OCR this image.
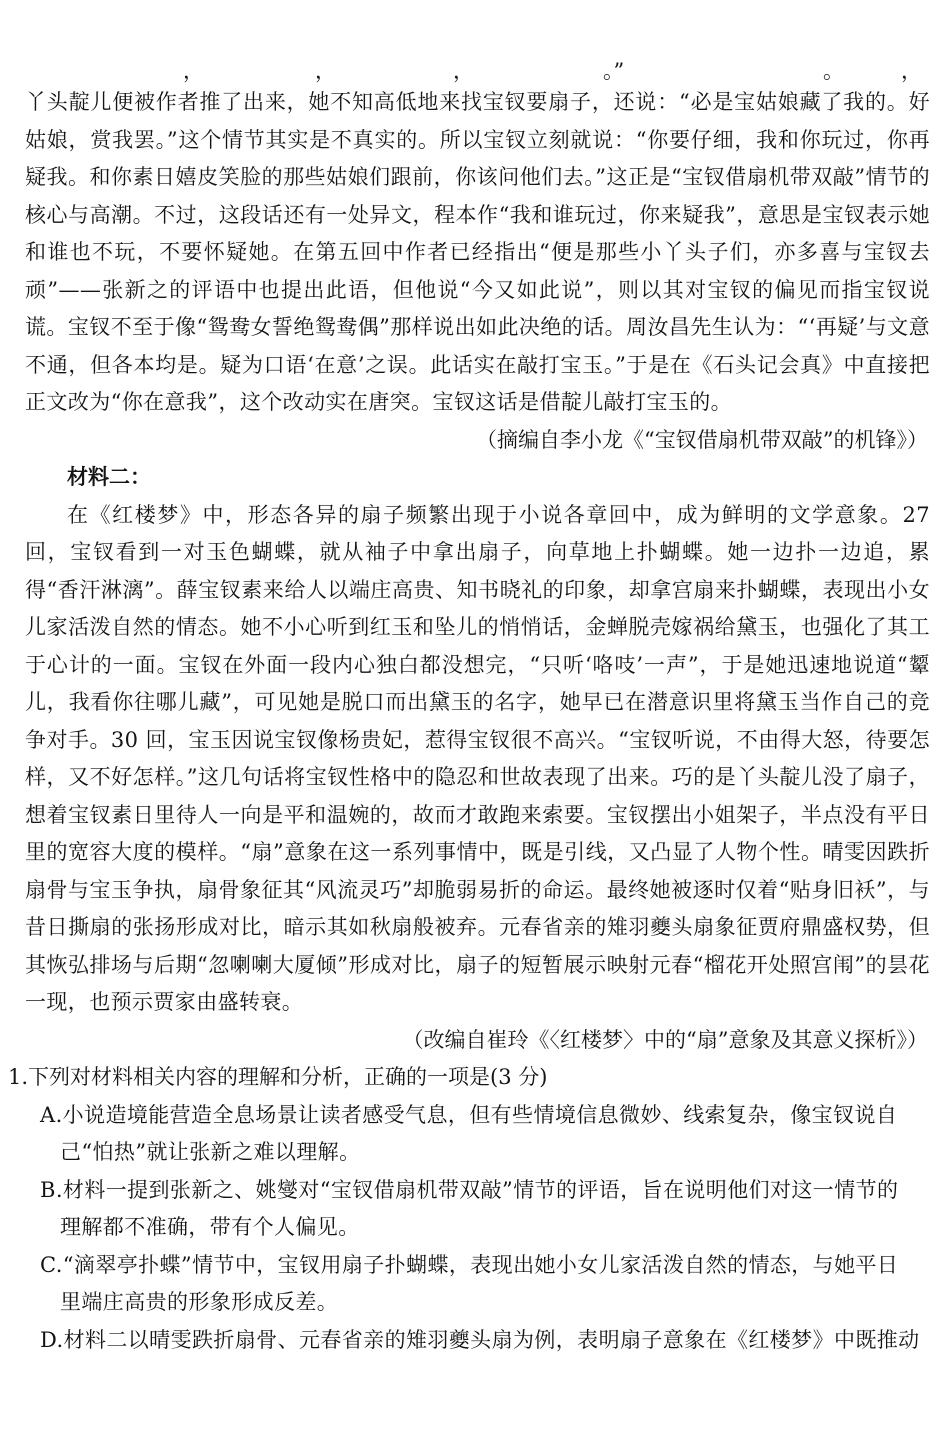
，	，	，	。”	。	，

丫头靛儿便被作者推了出来，她不知高低地来找宝钗要扇子，还说：“必是宝姑娘藏了我的。好姑娘，赏我罢。”这个情节其实是不真实的。所以宝钗立刻就说：“你要仔细，我和你玩过，你再疑我。和你素日嬉皮笑脸的那些姑娘们跟前，你该问他们去。”这正是“宝钗借扇机带双敲”情节的核心与高潮。不过，这段话还有一处异文，程本作“我和谁玩过，你来疑我”，意思是宝钗表示她和谁也不玩，不要怀疑她。在第五回中作者已经指出“便是那些小丫头子们，亦多喜与宝钗去顽”——张新之的评语中也提出此语，但他说“今又如此说”，则以其对宝钗的偏见而指宝钗说谎。宝钗不至于像“鸳鸯女誓绝鸳鸯偶”那样说出如此决绝的话。周汝昌先生认为：“‘再疑’与文意不通，但各本均是。疑为口语‘在意’之误。此话实在敲打宝玉。”于是在《石头记会真》中直接把正文改为“你在意我”，这个改动实在唐突。宝钗这话是借靛儿敲打宝玉的。

（摘编自李小龙《“宝钗借扇机带双敲”的机锋》）

材料二：

在《红楼梦》中，形态各异的扇子频繁出现于小说各章回中，成为鲜明的文学意象。27 回，宝钗看到一对玉色蝴蝶，就从袖子中拿出扇子，向草地上扑蝴蝶。她一边扑一边追，累得“香汗淋漓”。薛宝钗素来给人以端庄高贵、知书晓礼的印象，却拿宫扇来扑蝴蝶，表现出小女儿家活泼自然的情态。她不小心听到红玉和坠儿的悄悄话，金蝉脱壳嫁祸给黛玉，也强化了其工于心计的一面。宝钗在外面一段内心独白都没想完，“只听‘咯吱’一声”，于是她迅速地说道“颦儿，我看你往哪儿藏”，可见她是脱口而出黛玉的名字，她早已在潜意识里将黛玉当作自己的竞争对手。30 回，宝玉因说宝钗像杨贵妃，惹得宝钗很不高兴。“宝钗听说，不由得大怒，待要怎样，又不好怎样。”这几句话将宝钗性格中的隐忍和世故表现了出来。巧的是丫头靛儿没了扇子，想着宝钗素日里待人一向是平和温婉的，故而才敢跑来索要。宝钗摆出小姐架子，半点没有平日里的宽容大度的模样。“扇”意象在这一系列事情中，既是引线，又凸显了人物个性。晴雯因跌折扇骨与宝玉争执，扇骨象征其“风流灵巧”却脆弱易折的命运。最终她被逐时仅着“贴身旧袄”，与昔日撕扇的张扬形成对比，暗示其如秋扇般被弃。元春省亲的雉羽夔头扇象征贾府鼎盛权势，但其恢弘排场与后期“忽喇喇大厦倾”形成对比，扇子的短暂展示映射元春“榴花开处照宫闱”的昙花一现，也预示贾家由盛转衰。

（改编自崔玲《〈红楼梦〉中的“扇”意象及其意义探析》）

1.下列对材料相关内容的理解和分析，正确的一项是(3 分)

A.小说造境能营造全息场景让读者感受气息，但有些情境信息微妙、线索复杂，像宝钗说自
己“怕热”就让张新之难以理解。
B.材料一提到张新之、姚燮对“宝钗借扇机带双敲”情节的评语，旨在说明他们对这一情节的
理解都不准确，带有个人偏见。
C.“滴翠亭扑蝶”情节中，宝钗用扇子扑蝴蝶，表现出她小女儿家活泼自然的情态，与她平日
里端庄高贵的形象形成反差。
D.材料二以晴雯跌折扇骨、元春省亲的雉羽夔头扇为例，表明扇子意象在《红楼梦》中既推动
